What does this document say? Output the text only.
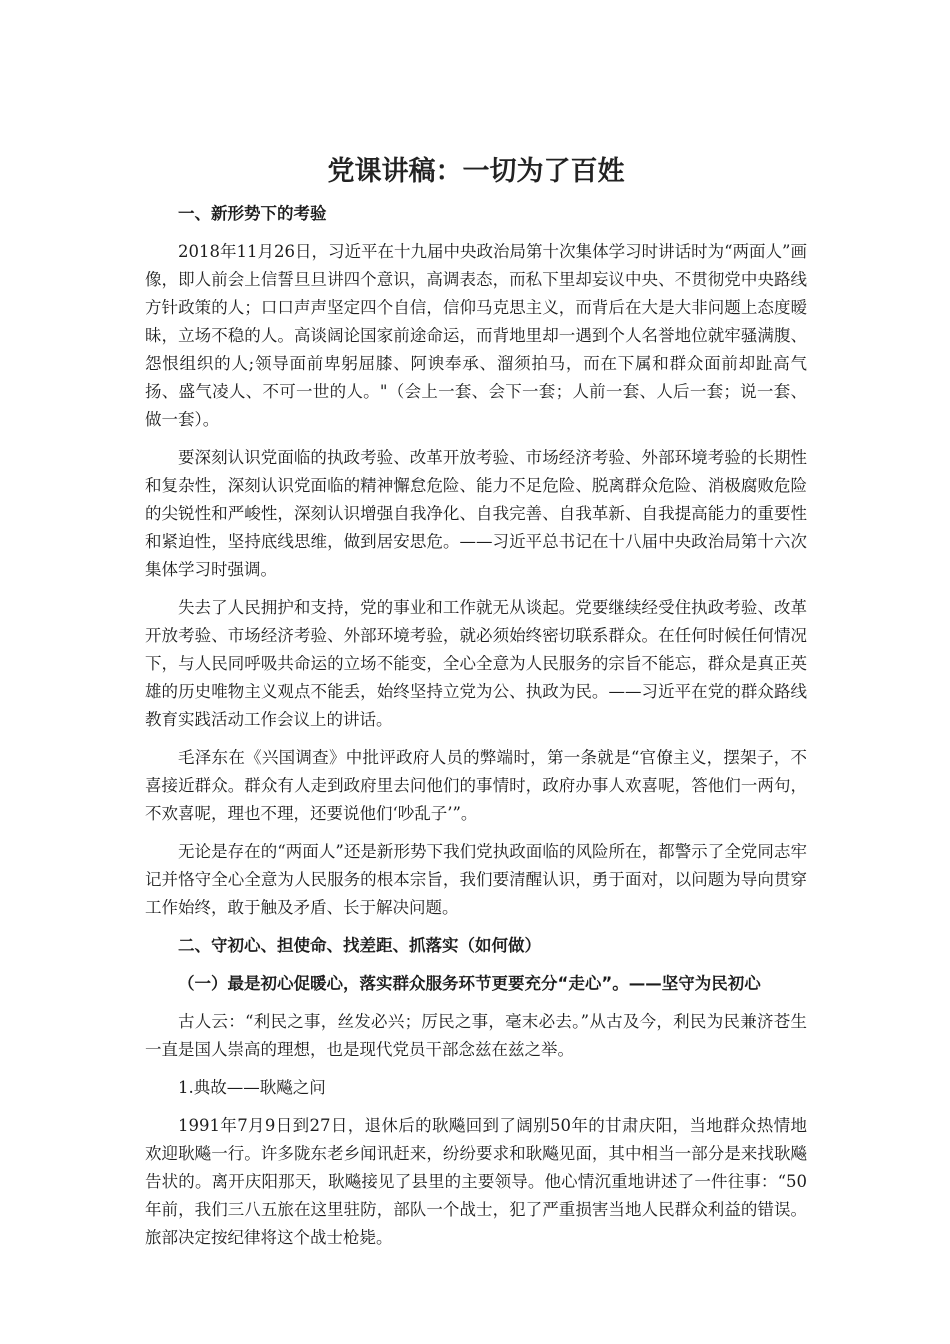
党课讲稿：一切为了百姓
一、新形势下的考验
2018年11月26日，习近平在十九届中央政治局第十次集体学习时讲话时为“两面人”画像，即人前会上信誓旦旦讲四个意识，高调表态，而私下里却妄议中央、不贯彻党中央路线方针政策的人；口口声声坚定四个自信，信仰马克思主义，而背后在大是大非问题上态度暧昧，立场不稳的人。高谈阔论国家前途命运，而背地里却一遇到个人名誉地位就牢骚满腹、怨恨组织的人;领导面前卑躬屈膝、阿谀奉承、溜须拍马，而在下属和群众面前却趾高气扬、盛气凌人、不可一世的人。"（会上一套、会下一套；人前一套、人后一套；说一套、做一套）。
要深刻认识党面临的执政考验、改革开放考验、市场经济考验、外部环境考验的长期性和复杂性，深刻认识党面临的精神懈怠危险、能力不足危险、脱离群众危险、消极腐败危险的尖锐性和严峻性，深刻认识增强自我净化、自我完善、自我革新、自我提高能力的重要性和紧迫性，坚持底线思维，做到居安思危。——习近平总书记在十八届中央政治局第十六次集体学习时强调。
失去了人民拥护和支持，党的事业和工作就无从谈起。党要继续经受住执政考验、改革开放考验、市场经济考验、外部环境考验，就必须始终密切联系群众。在任何时候任何情况下，与人民同呼吸共命运的立场不能变，全心全意为人民服务的宗旨不能忘，群众是真正英雄的历史唯物主义观点不能丢，始终坚持立党为公、执政为民。——习近平在党的群众路线教育实践活动工作会议上的讲话。
毛泽东在《兴国调查》中批评政府人员的弊端时，第一条就是“官僚主义，摆架子，不喜接近群众。群众有人走到政府里去问他们的事情时，政府办事人欢喜呢，答他们一两句，不欢喜呢，理也不理，还要说他们‘吵乱子’”。
无论是存在的“两面人”还是新形势下我们党执政面临的风险所在，都警示了全党同志牢记并恪守全心全意为人民服务的根本宗旨，我们要清醒认识，勇于面对，以问题为导向贯穿工作始终，敢于触及矛盾、长于解决问题。
二、守初心、担使命、找差距、抓落实（如何做）
（一）最是初心促暖心，落实群众服务环节更要充分“走心”。——坚守为民初心
古人云：“利民之事，丝发必兴；厉民之事，毫末必去。”从古及今，利民为民兼济苍生一直是国人崇高的理想，也是现代党员干部念兹在兹之举。
1.典故——耿飚之问
1991年7月9日到27日，退休后的耿飚回到了阔别50年的甘肃庆阳，当地群众热情地欢迎耿飚一行。许多陇东老乡闻讯赶来，纷纷要求和耿飚见面，其中相当一部分是来找耿飚告状的。离开庆阳那天，耿飚接见了县里的主要领导。他心情沉重地讲述了一件往事：“50年前，我们三八五旅在这里驻防，部队一个战士，犯了严重损害当地人民群众利益的错误。旅部决定按纪律将这个战士枪毙。
